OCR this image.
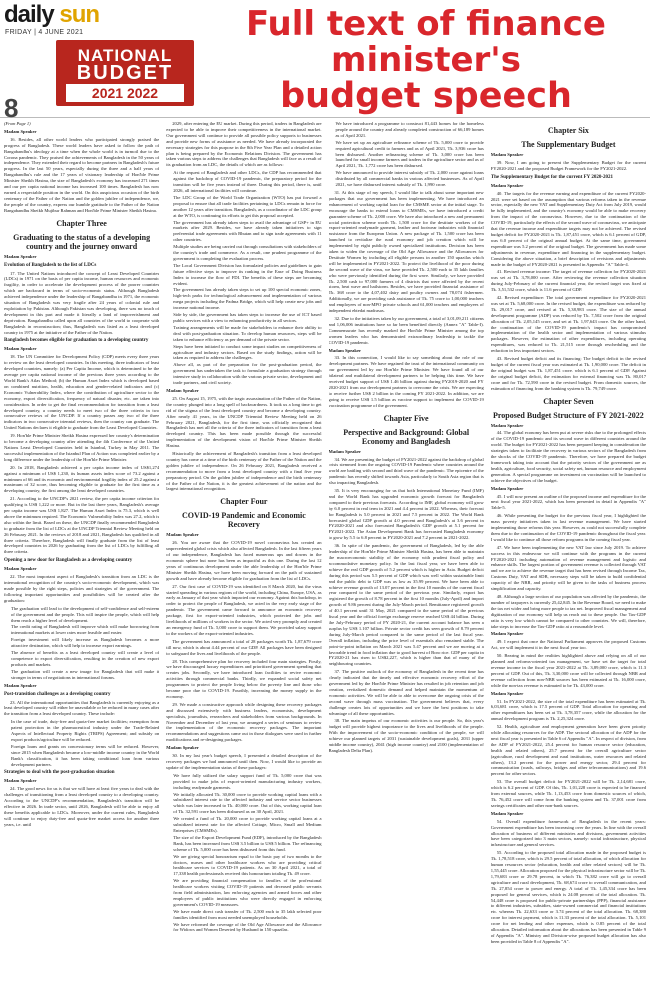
daily sun
FRIDAY | 4 JUNE 2021
8
NATIONAL
BUDGET
2021 2022
Full text of finance minister's
budget speech

(From Page 1)

Madam Speaker

16. Besides, all other world leaders who participated strongly praised the progress of Bangladesh. These world leaders have asked to follow the path of Bangabandhu's ideology at a time when the whole world is in turmoil due to the Corona pandemic. They praised the achievements of Bangladesh in the 50 years of independence. They extended their regard to become partners in Bangladesh's future progress. In the last 50 years, especially during the three and a half years of Bangabandhu's rule and the 17 years of visionary leadership of Hon'ble Prime Minister Sheikh Hasina, the size of Bangladesh's economy has increased 271 times and our per capita national income has increased 100 times. Bangladesh has now earned a respectable position in the world. On this auspicious occasion of the birth centenary of the Father of the Nation and the golden jubilee of independence, we, the people of the country, express our humble gratitude to the Father of the Nation Bangabandhu Sheikh Mujibur Rahman and Hon'ble Prime Minister Sheikh Hasina.

Chapter Three
Graduating to the status of a developing country and the journey onward

Madam Speaker

Evolution of Bangladesh to the list of LDCs

17. The United Nations introduced the concept of Least Developed Countries (LDCs) in 1971 on the basis of per capita income, human resources and economic fragility, in order to accelerate the development process of the poorer countries which are backward in terms of socio-economic status. Although Bangladesh achieved independence under the leadership of Bangabandhu in 1971, the economic situation of Bangladesh was very fragile after 24 years of colonial rule and exploitation by Pakistan. Although Pakistan was developing, there was no touch of development in this part and made it literally a land of impoverishment and deprivation. Bangabandhu called upon all countries of the world to cooperate with Bangladesh in reconstruction; thus, Bangladesh was listed as a least developed country in 1975 at the initiative of the Father of the Nation.

Bangladesh becomes eligible for graduation to a developing country

Madam Speaker

18. The UN Committee for Development Policy (CDP) meets every three years to review on the least developed countries. In this meeting, three indicators of least developed countries, namely: (a) Per Capita Income, which is determined to be the average per capita national income of the previous three years according to the World Bank's Atlas Method; (b) the Human Asset Index which is developed based on combined nutrition, health, education and gender-related indicators and (c) Economic Vulnerability Index, where the contribution of agriculture sector to the economy, export diversification, frequency of natural disaster, etc. are taken into consideration. In order to get the final recommendation for transition from a least developed country, a country needs to meet two of the three criteria in two consecutive reviews of the UNCDP. If a country passes any two of the three indicators in two consecutive triennial reviews, then the country can graduate. The United Nations declares it eligible to graduate from the Least Developed Countries.

19. Hon'ble Prime Minister Sheikh Hasina expressed her country's determination to become a developing country after attending the 4th Conference of the United Nations Least Developed Countries held in Istanbul, Turkey in May 2011. The successful implementation of the Istanbul Plan of Action was completed earlier by a long difference under the leadership of the Hon'ble Prime Minister.

20. In 2018, Bangladesh achieved a per capita income index of US$1,274 against a minimum of US$ 1,230, its human assets index score of 73.2 against a minimum of 66 and its economic and environmental fragility index of 25.2 against a maximum of 32 score, thus becoming eligible to graduate for the first time as a developing country, the first among the least developed countries.

21. According to the UNCDP's 2021 review, the per capita income criterion for qualifying is US$ 1,222 or more. But in the last three years, Bangladesh's average per capita income was US$ 1,827. The Human Asset Index is 75.3, which is well above the minimum required. The Economic Vulnerability Index was 27.2, which is also within the limit. Based on these, the UNCDP finally recommended Bangladesh to graduate from the list of LDCs at the UNCDP Triennial Review Meeting held on 26 February 2021. In the reviews of 2018 and 2021, Bangladesh has qualified in all three criteria. Therefore, Bangladesh will finally graduate from the list of least developed countries in 2026 by graduating from the list of LDCs by fulfilling all three criteria.

Opening a new door for Bangladesh as a developing country

Madam Speaker

22. The most important aspect of Bangladesh's transition from an LDC is the international recognition of the country's socio-economic development, which was made possible by the right steps, policies and strategies of the government. The following important opportunities and possibilities will be created after the graduation:

• The graduation will lead to the development of self-confidence and self-esteem of the government and the people. This will inspire the people, which will help them reach a higher level of development.
• The credit rating of Bangladesh will improve which will make borrowing from international markets at lower rates more feasible and easier.
• Foreign investment will likely increase as Bangladesh becomes a more attractive destination, which will help to increase export earnings.
• The absence of benefits as a least developed country will create a level of competence to export diversification, resulting in the creation of new export products and markets.
• The graduation will create a new image for Bangladesh that will make it stronger in terms of negotiations in international forums.

Madam Speaker

Post-transition challenges as a developing country

23. All the international opportunities that Bangladesh is currently enjoying as a least developed country will either be unavailable or be reduced in many cases after the transition from a least developed country. These include:

• In the case of trade, duty-free and quota-free market facilities; exemption from patent protection in the pharmaceutical industry under the Trade-Related Aspects of Intellectual Property Rights (TRIPS) Agreement; and subsidy on export products/agriculture will be reduced.
• Foreign loans and grants on concessionary terms will be reduced. However, since 2015 when Bangladesh became a low-middle income country in the World Bank's classification, it has been taking conditional loan from various development partners.
Strategies to deal with the post-graduation situation

Madam Speaker

24. The good news for us is that we will have at least five years to deal with the challenges of transitioning from a least developed country to a developing country. According to the UNCDP's recommendation, Bangladesh's transition will be effective in 2026. In trade sector, until 2026, Bangladesh will be able to enjoy all these benefits applicable to LDCs. Moreover, under the current rules, Bangladesh will continue to enjoy duty-free and quota-free market access for another three years, i.e. until

2029, after entering the EU market. During this period, traders in Bangladesh are expected to be able to improve their competitiveness in the international market. Our government will continue to provide all possible policy supports to businesses and provide new forms of assistance as needed. We have already incorporated the necessary strategies for this purpose in the 8th Five Year Plan and a detailed action plan is being prepared by the Economic Relations Division. The government has taken various steps to address the challenges that Bangladesh will face as a result of its graduation from an LDC, the details of which are as follows:

• At the request of Bangladesh and other LDCs, the CDP has recommended that against the backdrop of COVID-19 pandemic, the preparatory period for the transition will be five years instead of three. During this period, there is, until 2026, all international facilities will continue.
• The LDC Group of the World Trade Organization (WTO) has put forward a proposal to ensure that all trade facilities pertaining to LDCs remain in force for another 12 years after transition. Bangladesh, as a coordinator of the LDC group at the WTO, is continuing its efforts to get this proposal accepted.
• The government has already taken steps to avail the advantage of GSP+ in EU markets after 2029. Besides, we have already taken initiatives to sign preferential trade agreements with Bhutan and to sign trade agreements with 11 other countries.
• Multiple studies are being carried out through consultations with stakeholders of the country's trade and commerce. As a result, one prudent programme of the government is completing the evaluation process.
• The Local Government Division has formulated policies and guidelines to gain future effective steps to improve its ranking in the Ease of Doing Business Index to increase the flow of FDI. The benefits of these steps are becoming evident.
• The government has already taken steps to set up 100 special economic zones, high-tech parks for technological advancement and implementation of various mega projects including the Padma Bridge, which will help create new jobs and increase national income.
• Side by side, the government has taken steps to increase the use of ICT based public services with a view to enhancing productivity in all sectors.
• Training arrangements will be made for stakeholders to enhance their ability to deal with post-graduation situation. To develop human resources, steps will be taken to enhance efficiency as per demand of the private sector.
• Steps have been initiated to conduct some impact studies on competitiveness of agriculture and industry sectors. Based on the study findings, action will be taken as required to address the challenges.
• Above all, as part of the preparation for the post-graduation period, the government has undertaken the task to formulate a graduation strategy through intensive study in collaboration with the various private sector, development and trade partners, and civil society.

Madam Speaker

25. On August 15, 1975, with the tragic assassination of the Father of the Nation, the country plunged into a long spell of backwardness. It took us a long time to get rid of the stigma of the least developed country and become a developing country. After nearly 41 years, in the UNCDP Triennial Review Meeting held on 26 February 2021, Bangladesh, for the first time, was officially recognized that Bangladesh has met all the criteria of the three indicators of transition from a least developed country. This has been made possible through the successful implementation of the development vision of Hon'ble Prime Minister Sheikh Hasina.

Historically the achievement of Bangladesh's transition from a least developed country has come at a time of the birth centenary of the Father of the Nation and the golden jubilee of independence. On 26 February 2021, Bangladesh received a recommendation to move from a least developed country with a final five year preparatory period. On the golden jubilee of independence and the birth centenary of the Father of the Nation, it is the greatest achievement of the nation and the largest international recognition.

Chapter Four
COVID-19 Pandemic and Economic Recovery

Madam Speaker

26. You are aware that the COVID-19 novel coronavirus has created an unprecedented global crisis which also affected Bangladesh. In the last fifteen years of our independence, Bangladesh has faced numerous ups and downs in the economic sphere but none has been as impactful as this one. During the last 12 years of continuous development under the able leadership of the Hon'ble Prime Minister Sheikh Hasina, we have been moving forward on the path of sustained growth and have already become eligible for graduation from the list of LDCs.

27. Our first case of COVID-19 was identified on 8 March 2020, but the virus started spreading in various regions of the world, including China, Europe, USA, as early as January of that year which impacted our economy. Against this backdrop, in order to protect the people of Bangladesh, we acted in the very early stage of the pandemic. The government came forward to announce an economic recovery package, first for export-oriented industries, which protected the jobs and livelihoods of millions of workers in the sector. We acted very promptly and created an emergency fund of Tk. 5,000 crore to support them. We provided salary support to the workers of the export-oriented industries.

The government has announced a total of 28 packages worth Tk. 1,87,679 crore till now, which is about 4.44 percent of our GDP. All packages have been designed to safeguard the lives and livelihoods of the people.

28. This comprehensive plan for recovery included four main strategies. Firstly, we have discouraged luxury expenditures and prioritized government spending that creates jobs. Secondly, we have introduced loan facilities to revive economic activities through commercial banks. Thirdly, we expanded social safety net programmes to protect the people living below the poverty line and those who became poor due to COVID-19. Fourthly, increasing the money supply in the economy.

29. We made a constructive approach while designing these recovery packages and discussed extensively with business leaders, economists, development specialists, journalists, researchers and stakeholders from various backgrounds. In November and December of last year, we arranged a series of seminars to review the implementation of the economic recovery packages. The important recommendations and suggestions came out in those dialogues were used in further modifications and re-designing packages.

Madam Speaker

30. In my last year's budget speech, I presented a detailed description of the recovery packages we had announced until then. Now, I would like to provide an update of the implementation status of these packages:

• We have fully utilized the salary support fund of Tk. 5,000 crore that was provided to make jobs of export-oriented manufacturing industry workers, including readymade garments.
• We initially allocated Tk. 30,000 crore to provide working capital loans with a subsidized interest rate to the affected industry and service sector businesses which was later increased to Tk. 40,000 crore. Out of this, working capital loan of Tk. 32,591 crore has been disbursed as on 30 April, 2021.
• We created a fund of Tk. 20,000 crore to provide working capital loans at a subsidized interest rate for the affected Cottage, Micro, Small and Medium Enterprises (CMSMEs).
• The size of the Export Development Fund (EDF), introduced by the Bangladesh Bank, has been increased from US$ 3.5 billion to US$ 5 billion. The refinancing scheme of Tk. 5,000 crore has been disbursed from this fund.
• We are giving special honorarium equal to the basic pay of two months to the doctors, nurses and other healthcare workers who are providing critical healthcare services to COVID-19 patients. As on 30 April 2021, a total of 17,338 health professionals received this honorarium totaling Tk. 49 crore.
• We are providing financial compensation to families of the professional healthcare workers visiting COVID-19 patients and deceased public servants from field administration, law enforcing agencies and armed forces and other employees of public institutions who were directly engaged in enforcing government's COVID-19 measures.
• We have made direct cash transfer of Tk. 2,500 each to 35 lakh selected poor families identified from most needed unemployed households.
• We have reformed the coverage of the Old Age Allowance and the Allowance for Widows and Women Deserted by Husband in 150 upazilas.
• We have introduced a programme to construct 81,443 homes for the homeless people around the country and already completed construction of 66,189 homes as of April 2021.
• We have set up an agriculture refinance scheme of Tk. 5,000 crore to provide required agricultural credit to farmers and as of April 2021, Tk. 3,936 crore has been disbursed. Another refinancing scheme of Tk. 3,000 crore has been launched for small income farmers and traders in the agriculture sector and as of April 2021, Tk. 1,772 crore has been disbursed.
• We have announced to provide interest subsidy of Tk. 2,000 crore against loans distributed by all commercial banks in various affected businesses. As of April 2021, we have disbursed interest subsidy of Tk. 1,990 crore.

31. At this stage of my speech, I would like to talk about some important new packages that our government has been implementing. We have introduced an enhancement of working capital loan for the CMSME sector at the initial stage. To encourage the banks to extend loans to CMSMEs, we have introduced a credit guarantee scheme of Tk. 2,000 crore. We have also introduced a new and permanent social protection scheme worth Tk. 1,500 crore for the destitute workers of the export-oriented readymade garment, leather and footwear industries with financial assistance from the European Union. A new package of Tk. 1,500 crore has been launched to revitalize the rural economy and job creation which will be implemented by eight publicly owned specialized institutions. Decision has been taken to widen the coverage of the Old Age Allowance and the Allowances for Destitute Women by including all eligible persons in another 150 upazilas which will be implemented in FY2021-2022. To protect the livelihood of the poor during the second wave of the virus, we have provided Tk. 2,500 each to 35 lakh families who were previously identified during the first wave. Similarly, we have provided Tk. 2,500 cash to 97,000 farmers of 4 districts that were affected by the recent storm, heat wave and hailstorm. Besides, we have provided financial assistance of Tk. 368 crore to the 4,07,402 dairy and poultry owners and 78,074 fishermen. Additionally, we are providing cash assistance of Tk. 75 crore to 1,00,000 teachers and employees of non-MPO private schools and 61,000 teachers and employees of independent ebtedai madrasas.

32. Due to the initiatives taken by our government, a total of 3,01,09,211 citizens and 1,06,006 institutions have so far been benefited directly (Annex "A" Table-I). Commensurate has recently marked the Hon'ble Prime Minister among the top women leaders who has demonstrated extraordinary leadership to tackle the COVID-19 pandemic.

Madam Speaker

33. In this connection, I would like to say something about the role of our development partners. We have regained the trust of the international community on our government led by our Hon'ble Prime Minister. We have found all of our bilateral and multilateral development partners to be helping this time. We have received budget support of US$ 1.46 billion against during FY2019-2020 and FY 2020-2021 from our development partners to overcome the crisis. We are expecting to receive further US$ 2 billion in the coming FY 2021-2022. In addition, we are going to receive US$ 1.5 billion as vaccine support to implement the COVID-19 vaccination programme of the government.

Chapter Five
Perspective and Background: Global Economy and Bangladesh

Madam Speaker

34. We are presenting the budget of FY2021-2022 against the backdrop of global crisis stemmed from the ongoing COVID-19 Pandemic where countries around the world are battling with second and third wave of the pandemic. The epicentre of the pandemic has recently shifted towards Asia, particularly to South Asia region that is also impacting Bangladesh.

35. It is very encouraging for us that both International Monetary Fund (IMF) and the World Bank has upgraded economic growth forecast for Bangladesh compared to their previous forecasts. According to IMF, global economy will grow by 6.0 percent in real term in 2021 and 4.4 percent in 2022. Whereas, their forecast for Bangladesh is 5.0 percent in 2021 and 7.5 percent in 2022. The World Bank forecasted global GDP growth at 4.0 percent and Bangladesh's at 3.6 percent in FY2020-2021 and also forecasted Bangladesh's GDP growth at 5.1 percent for FY2021-2022. The Asian Development Bank has forecasted Bangladesh economy to grow by 5.5 to 6.8 percent in FY2020-2021 and 7.2 percent in 2021-2022.

36. In spite of the pandemic, the government of Bangladesh, led by the able leadership of the Hon'ble Prime Minister Sheikh Hasina, has been able to maintain the macroeconomic stability of the economy with prudent fiscal policy and accommodative monetary policy. In the last fiscal year, we have been able to achieve the real GDP growth of 5.2 percent which is higher in Asia. Budget deficit during this period was 5.5 percent of GDP which was well within sustainable limit and the public debt to GDP was as low as 35.99 percent. We have been able to achieve revenue growth of 13.07 percent in the first 10 months of the current fiscal year compared to the same period of the previous year. Similarly, export has registered the growth of 8.78 percent in the first 10 months (July-April) and import growth of 9.86 percent during the July-March period. Remittance registered growth of 40.1 percent until 31 May, 2021 compared to the same period of the previous fiscal year and the official foreign exchange reserve reached US$ 44 billion. During the July-February period of FY 2020-21, the current account balance has seen a surplus by US$ 1.107 billion. Private sector credit has seen growth of 8.79 percent during July-March period compared to the same period of the last fiscal year. Overall inflation, including the price level of essentials also remained stable. The point-to-point inflation on March 2021 was 5.47 percent and we are moving at a favorable trend in food inflation due to good harvest of Boro rice. GDP per capita in FY2020-21 has risen to US$2,227, which is higher than that of many of the neighbouring countries.

37. The positive outlook of the economy of Bangladesh in the recent time has clearly indicated that the timely and effective economic recovery effort of the government led by the Hon'ble Prime Minister has resulted in job retention and job creation, revitalized domestic demand and helped maintain the momentum of economic activities. We will be able to able to overcome the ongoing crisis of the second wave through mass vaccination. The government believes that, every challenge creates lots of opportunities and we have the best positions to take advantage of all these opportunities.

38. The main impetus of our economic activities is our people. So, this year's budget will provide highest importance to the lives and livelihoods of the people. With the improvement of the socio-economic condition of the people, we will achieve our planned targets of 2031 (sustainable development goals), 2031 (upper middle income country), 2041 (high income country) and 2100 (implementation of Bangladesh Delta Plan).

Chapter Six
The Supplementary Budget

Madam Speaker

39. Now, I am going to present the Supplementary Budget for the current FY2020-2021 and the proposed Budget Framework for the FY2021-2022.

The Supplementary Budget for the current FY 2020-2021

Madam Speaker

40. The targets for the revenue earning and expenditure of the current FY2020-2021 were set based on the assumption that various reforms taken in the revenue sector, especially the new VAT and Supplementary Duty Act from July 2019, would be fully implemented, and the country's economy would be able to make recovery from the impact of the coronavirus. However, due to the continuation of the COVID-19, particularly the effects of the second wave of coronavirus, we anticipate that the revenue income and expenditure targets may not be achieved. The revised budget deficit for FY2020-2021 is Tk. 1,87,451 crore, which is 6.1 percent of GDP, was 6.0 percent of the original annual budget. At the same time, government expenditure was 5.2 percent of the original budget. The government has made some adjustments in revenue, expenditure and financing in the supplementary budget. Considering the above situation, a brief description of revisions and adjustments made in the budget of FY2020-2021 is presented in Appendix "A" Table-4.

41. Revised revenue income: The target of revenue collection for FY2020-2021 was set at Tk. 3,78,000 crore. After reviewing the revenue collection situation during July-February of the current financial year, the revised target was fixed at Tk. 3,51,532 crore, which is 11.6 percent of GDP.

42. Revised expenditure: The total government expenditure for FY2020-2021 was set at Tk. 5,68,000 crore. In the revised budget, the expenditure was reduced by Tk. 29,017 crore, and revised at Tk. 5,38,983 crore. The size of the annual development programme (ADP) was reduced by Tk. 7,502 crore from the original allocation of Tk. 2,05,145 crore, and set at Tk. 1,97,643 crore. On the other hand, the continuation of the COVID-19 pandemic's impact has compromised implementation of the health sector and implementation of various stimulus packages. However, the estimation of other expenditures, including operating expenditures, was reduced to Tk. 21,515 crore through rescheduling and the reduction in less important sectors.

43. Revised budget deficit and its financing: The budget deficit in the revised budget of the current fiscal year was estimated at Tk. 1,90,000 crore. The deficit in the original budget was Tk. 1,87,451 crore. which is 6.1 percent of GDP. Against the original budget deficit, the estimation for external financing was Tk. 80,017 crore and for Tk. 72,590 crore in the revised budget. From domestic sources, the estimation of financing from the banking system is Tk. 79,749 crore.

Chapter Seven
Proposed Budget Structure of FY 2021-2022

Madam Speaker

44. The global economy has been put at severe risks due to the prolonged effects of the COVID-19 pandemic and its second wave in different countries around the world. The budget for FY2021-2022 has been prepared keeping in consideration the strategies taken to facilitate the recovery in various sectors of the Bangladesh from the shocks of the COVID-19 pandemic. Therefore, we have prepared the budget framework taking into account that the priority sectors of the government are as health, agriculture, food security, social safety net, human resource and employment generation. A special programme on investment on vaccination will be launched to achieve the objectives of the budget.

Madam Speaker

45. I will now present an outline of the proposed income and expenditure for the next fiscal year 2021-2022, which has been presented in detail in Appendix "A" Table-5.

46. While presenting the budget for the previous fiscal year, I highlighted the mass poverty initiatives taken in last revenue management. We have started implementing those reforms this year. However, as could not successfully complete them due to the continuation of the COVID-19 pandemic throughout the fiscal year. I would like to continue all those reform programs in the coming fiscal year.

47. We have been implementing the new VAT law since July 2019. To achieve success in this endeavour we will continue with the programs in the current FY2020-2021 including automation of revenue management and logistic and enhance skills. The largest portion of government revenue is collected through VAT and we are to achieve the revenue target that has been revised through Income Tax, Customs Duty, VAT and SDB, necessary steps will be taken to build confidential capacity of the NBR, and priority will be given to the tasks of business process simplification and capacity.

48. Although a large section of our population was affected by the pandemic, the number of taxpayers is currently 25,42,845. In the Revenue Board, we need to make the tax net wider and bring more people to tax net. Improved fiscal management and digitization of our economy will help us reach out to these people. Our Tax-GDP ratio is very low which cannot be compared to other countries. We will, therefore, take steps to increase the Tax-GDP ratio at a reasonable level.

Madam Speaker

49. I expect that once the National Parliament approves the proposed Customs Act, we will implement it in the next fiscal year too.

50. Bearing in mind the realities highlighted above and relying on all of our planned and reforms-oriented tax management, we have set the target for total revenue income in the fiscal year 2021-2022 at Tk. 3,89,000 crore, which is 11.3 percent of GDP. Out of this, Tk. 3,30,000 crore will be collected through NBR and revenue collection from non-NBR sources has been estimated at Tk. 16,000 crore, while the non-tax revenue is estimated to be Tk. 43,000 crore.

Madam Speaker

51. In FY2021-2022, the size of the total expenditure has been estimated at Tk. 6,03,681 crore, which is 17.5 percent of GDP. Total allocation for operating and other expenditures has been set at Tk. 3,78,357 crore, while the allocation for the annual development program is Tk. 2,25,324 crore.

52. Health, agriculture and employment generation have been given priority while allocating resources for the ADP. The sectoral allocation of the ADP for the next fiscal year is presented in Table 6 of Appendix "A". In respect of division, from the ADP of FY2021-2022, 25.4 percent for human resource sector (education, health and related others), 25.7 percent for the overall agriculture sector (agriculture, rural development and rural institutions, water resources and related others), 13.2 percent for the power and energy sector, 29.4 percent for communication (roads, railways, bridges and other telecommunications) and 19.6 percent for other sectors.

53. The overall budget deficit for FY2021-2022 will be Tk. 2,14,681 crore, which is 6.2 percent of GDP. Of this, Tk. 1,01,228 crore is expected to be financed from external sources, while Tk. 1,13,453 crore from domestic sources of which, Tk. 76,452 crore will come from the banking system and Tk. 37,001 crore from savings certificates and other non-bank sources.

Madam Speaker

54. Overall expenditure framework of Bangladesh in the recent years: Government expenditure has been increasing over the years. In line with the overall allocation of business of different ministries and divisions, government activities have been categorized into 3 main sectors, namely: social infrastructure, physical infrastructure and general services.

55. According to the proposed total allocation made in the proposed budget is Tk. 1,78,518 crore, which is 29.5 percent of total allocation, of which allocation for human resources sector (education, health and other related sectors) will be Tk. 1,55,445 crore. Allocation proposed for the physical infrastructure sector will be Tk. 1,79,683 crore or 29.78 percent, in which Tk. 76,382 crore will go to overall agriculture and rural development, Tk. 68,674 crore to overall communication, and Tk. 27,854 crore to power and energy. A total of Tk. 1,45,334 crore has been proposed for general services, which is 24.08 percent of the total allocation. Tk. 54,448 crore is proposed for public-private partnerships (PPP), financial assistance to different industries, subsidies, state-owned commercial and financial institutions etc. whereas Tk. 22,633 crore or 3.74 percent of the total allocation. Tk. 68,380 crore for interest payment, which is 11.33 percent of the total allocation. Tk. 5,101 crore for net lending and other expenses, which is 0.85 percent of the total allocation. Detailed information about the allocations has been presented in Table 9 of Appendix "A". Ministry and Division-wise proposed budget allocation has also been provided in Table 8 of Appendix "A".
